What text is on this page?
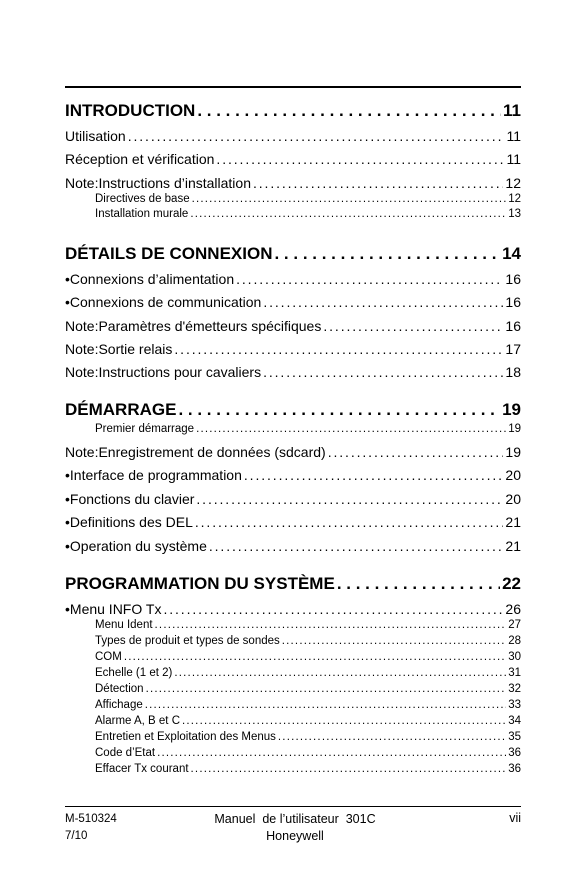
INTRODUCTION . . .	11
Utilisation . . .	11
Réception et vérification . . .	11
Note:Instructions d’installation . . .	12
Directives de base . . .	12
Installation murale . . .	13
DÉTAILS DE CONNEXION . . .	14
•Connexions d’alimentation . . .	16
•Connexions de communication . . .	16
Note:Paramètres d'émetteurs spécifiques . . .	16
Note:Sortie relais . . .	17
Note:Instructions pour cavaliers . . .	18
DÉMARRAGE . . .	19
Premier démarrage . . .	19
Note:Enregistrement de données (sdcard) . . .	19
•Interface de programmation . . .	20
•Fonctions du clavier . . .	20
•Definitions des DEL . . .	21
•Operation du système . . .	21
PROGRAMMATION DU SYSTÈME . . .	22
•Menu INFO Tx . . .	26
Menu Ident . . .	27
Types de produit et types de sondes . . .	28
COM . . .	30
Echelle (1 et 2) . . .	31
Détection . . .	32
Affichage . . .	33
Alarme A, B et C . . .	34
Entretien et Exploitation des Menus . . .	35
Code d’Etat . . .	36
Effacer Tx courant . . .	36
M-510324
7/10
Manuel  de l’utilisateur  301C
Honeywell
vii
